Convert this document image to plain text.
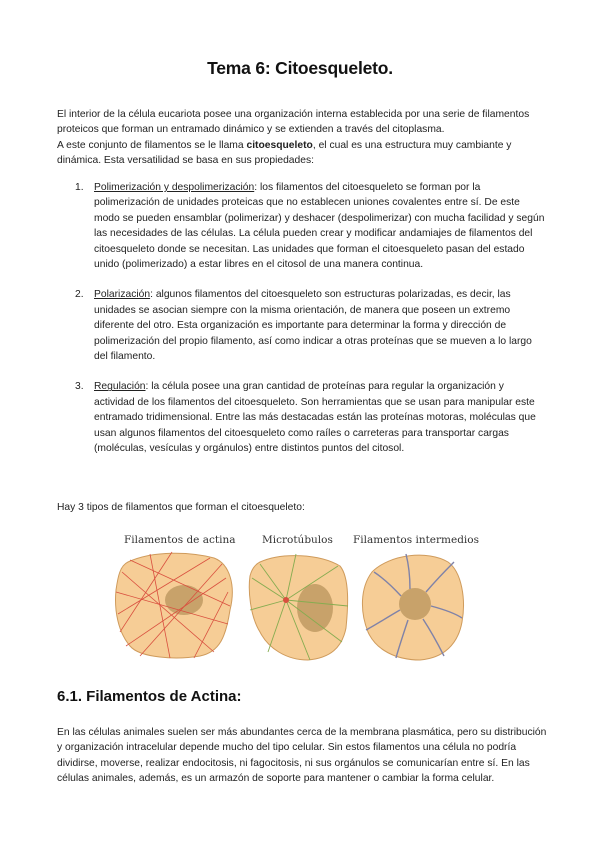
Tema 6: Citoesqueleto.

El interior de la célula eucariota posee una organización interna establecida por una serie de filamentos proteicos que forman un entramado dinámico y se extienden a través del citoplasma.
A este conjunto de filamentos se le llama citoesqueleto, el cual es una estructura muy cambiante y dinámica. Esta versatilidad se basa en sus propiedades:

1. Polimerización y despolimerización: los filamentos del citoesqueleto se forman por la polimerización de unidades proteicas que no establecen uniones covalentes entre sí. De este modo se pueden ensamblar (polimerizar) y deshacer (despolimerizar) con mucha facilidad y según las necesidades de las células. La célula pueden crear y modificar andamiajes de filamentos del citoesqueleto donde se necesitan. Las unidades que forman el citoesqueleto pasan del estado unido (polimerizado) a estar libres en el citosol de una manera continua.
2. Polarización: algunos filamentos del citoesqueleto son estructuras polarizadas, es decir, las unidades se asocian siempre con la misma orientación, de manera que poseen un extremo diferente del otro. Esta organización es importante para determinar la forma y dirección de polimerización del propio filamento, así como indicar a otras proteínas que se mueven a lo largo del filamento.
3. Regulación: la célula posee una gran cantidad de proteínas para regular la organización y actividad de los filamentos del citoesqueleto. Son herramientas que se usan para manipular este entramado tridimensional. Entre las más destacadas están las proteínas motoras, moléculas que usan algunos filamentos del citoesqueleto como raíles o carreteras para transportar cargas (moléculas, vesículas y orgánulos) entre distintos puntos del citosol.

Hay 3 tipos de filamentos que forman el citoesqueleto:

Filamentos de actina	Microtúbulos Filamentos intermedios
6.1. Filamentos de Actina:

En las células animales suelen ser más abundantes cerca de la membrana plasmática, pero su distribución y organización intracelular depende mucho del tipo celular. Sin estos filamentos una célula no podría dividirse, moverse, realizar endocitosis, ni fagocitosis, ni sus orgánulos se comunicarían entre sí. En las células animales, además, es un armazón de soporte para mantener o cambiar la forma celular.
